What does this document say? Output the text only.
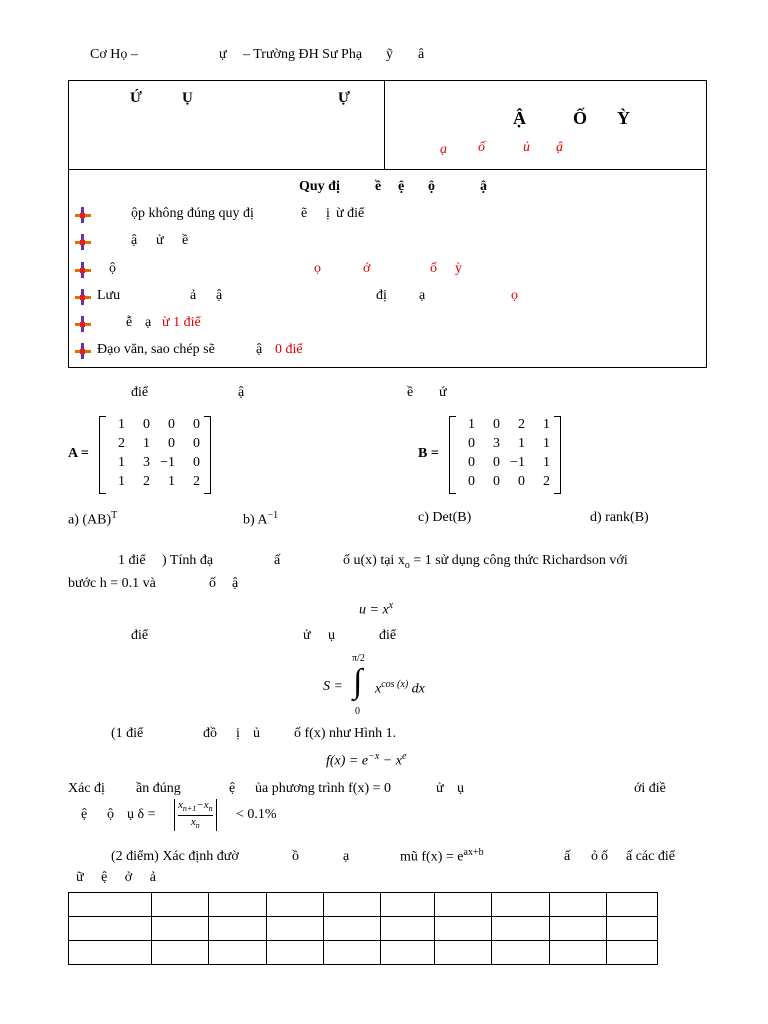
Cơ Họ –	ự – Trường ĐH Sư Phạ ỹ â
Ứ	Ụ	Ự
Ậ	Ố Ỳ
ạ ố	ủ ậ
Quy đị	ề ệ ộ	ậ
ộp không đúng quy đị	ẽ ị ừ điể
ậ ử ề
ộ	ọ	ớ	ố ỳ
Lưu	ả ậ	đị ạ	ọ
ễ ạ ừ 1 điể
Đạo văn, sao chép sẽ	ậ 0 điể
điể	ậ	ề ứ
A =
1	0	0	0
2	1	0	0
1	3 −1	0
1	2	1	2
B =
1	0	2	1
0	3	1	1
0	0 −1	1
0	0	0	2
a) (AB)$^T$	b) $A^{-1}$	c) Det(B)	d) rank(B)
1 điể ) Tính đạ	ấ	ố u(x) tại $x_o = 1$ sử dụng công thức Richardson với
bước h = 0.1 và	ố ậ
$u = x^x$
điể	ử ụ	điể
π/2
0
S = ∫ $x^{cos (x)}$ dx
(1 điể	đồ ị ủ ố f(x) như Hình 1.
$f(x) = e^{-x} - x^e$
Xác đị ần đúng	ệ ủa phương trình f(x) = 0	ử ụ	ới điề
ệ ộ ụ δ =
$x_{n+1}-x_n$
$x_n$
< 0.1%
(2 điểm) Xác định đườ	ồ	ạ	mũ $f(x) = e^{ax+b}$	ấ ỏ ố ấ các điể
ữ ệ ở ả
